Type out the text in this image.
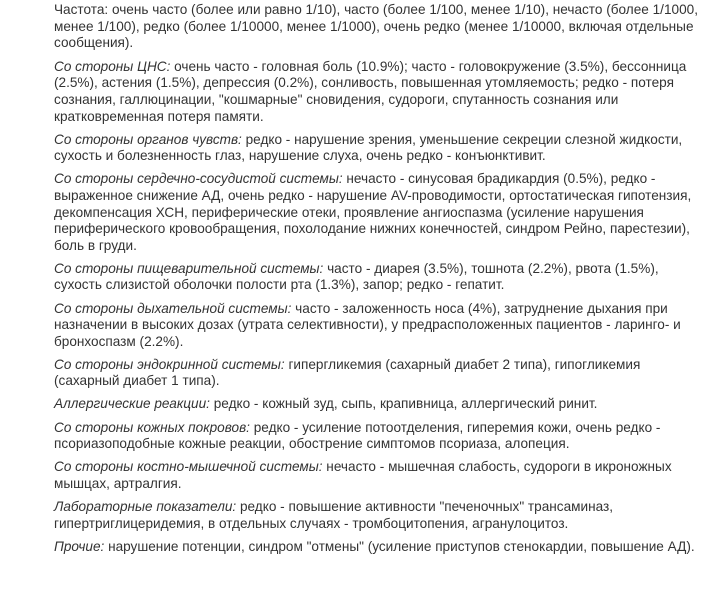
Частота: очень часто (более или равно 1/10), часто (более 1/100, менее 1/10), нечасто (более 1/1000, менее 1/100), редко (более 1/10000, менее 1/1000), очень редко (менее 1/10000, включая отдельные сообщения).

Со стороны ЦНС: очень часто - головная боль (10.9%); часто - головокружение (3.5%), бессонница (2.5%), астения (1.5%), депрессия (0.2%), сонливость, повышенная утомляемость; редко - потеря сознания, галлюцинации, "кошмарные" сновидения, судороги, спутанность сознания или кратковременная потеря памяти.

Со стороны органов чувств: редко - нарушение зрения, уменьшение секреции слезной жидкости, сухость и болезненность глаз, нарушение слуха, очень редко - конъюнктивит.

Со стороны сердечно-сосудистой системы: нечасто - синусовая брадикардия (0.5%), редко - выраженное снижение АД, очень редко - нарушение AV-проводимости, ортостатическая гипотензия, декомпенсация ХСН, периферические отеки, проявление ангиоспазма (усиление нарушения периферического кровообращения, похолодание нижних конечностей, синдром Рейно, парестезии), боль в груди.

Со стороны пищеварительной системы: часто - диарея (3.5%), тошнота (2.2%), рвота (1.5%), сухость слизистой оболочки полости рта (1.3%), запор; редко - гепатит.

Со стороны дыхательной системы: часто - заложенность носа (4%), затруднение дыхания при назначении в высоких дозах (утрата селективности), у предрасположенных пациентов - ларинго- и бронхоспазм (2.2%).

Со стороны эндокринной системы: гипергликемия (сахарный диабет 2 типа), гипогликемия (сахарный диабет 1 типа).

Аллергические реакции: редко - кожный зуд, сыпь, крапивница, аллергический ринит.

Со стороны кожных покровов: редко - усиление потоотделения, гиперемия кожи, очень редко - псориазоподобные кожные реакции, обострение симптомов псориаза, алопеция.

Со стороны костно-мышечной системы: нечасто - мышечная слабость, судороги в икроножных мышцах, артралгия.

Лабораторные показатели: редко - повышение активности "печеночных" трансаминаз, гипертриглицеридемия, в отдельных случаях - тромбоцитопения, агранулоцитоз.

Прочие: нарушение потенции, синдром "отмены" (усиление приступов стенокардии, повышение АД).
